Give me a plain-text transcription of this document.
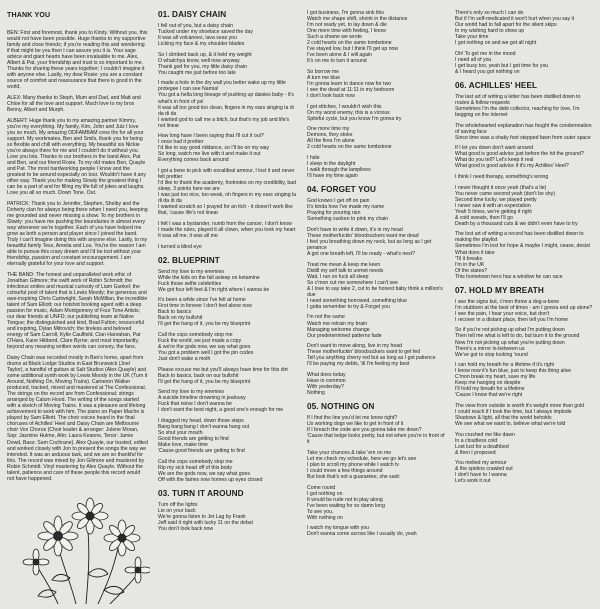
THANK YOU

BEN: First and foremost, thank you to Kirsty. Without you, this would not have been possible. Huge thanks to my supportive family and close friends; if you're reading this and wondering if that might be you then I can assure you it is. Your sage advice and giant hearts have been invaluable to me. Alex, Albert & Pat, your friendship and trust is so important to me. Thanks for sharing these years together; I couldn't imagine it with anyone else. Lastly, my dear Rosie: you are a constant source of comfort and reassurance that there is good in the world.

ALEX: Many thanks to Steph, Mum and Dad, and Matt and Chloe for all the love and support. Much love to my bros Benny, Albert and Murph.

ALBERT: Huge thank you to my amazing partner Kimmy, you're my everything. My family, Kim, John and Julz I love you so much. My amazing ODFAMBAM crew thx for all your support. My workmates, Ben and Smils, thank you for being so flexible and chill with everything. My beautiful sis Nickie you're always there for me and I couldn't do it without you. Love you lots. Thanks to our brothers in the band Alex, Pat and Ben, and our friend Rosie. To my old mates Ben, Quayle and Pat. The most hardworking people I know and the greatest to be around especially on tour. Wouldn't have it any other way. Thank you for making Slowly the greatest thing I can be a part of and for filling my life full of jokes and laughs. Love you all so much. Down Tone. Out.

PATRICK: Thank you to Jennifer, Stephen, Shelby and the Doherty clan for always being there when I need you, keeping me grounded and never missing a show. To my brothers in Slowly: you have me pushing the boundaries in almost every way whenever we're together. Each of you have helped me grow as both a person and player since I joined the band. Truly I can't imagine doing this with anyone else. Lastly, to my beautiful family Tess, Amelia and Lou. You're the reason I am able to pursue this crazy dream and I'd be lost without your friendship, passion and constant encouragement. I am eternally grateful for your love and support.

THE BAND: The honest and unparalleled work ethic of Jonathan Gilmore; the swift work of Robin Schmidt; the infectious smiles and musical curiosity of Liam Gunkel; the colourful pool of talent that is Lewis Moody; the generous and awe-inspiring Chris Cartwright, Sarah McMillan, the incredible talent of Sam Elliott; our hotshot booking agent with a deep passion for music, Adam Montgomery of Four Tone Artists; our dear friends at UNFD; our publishing team at Native Tongue; the distinguished and kind, Brad Fulton; resourceful and inspiring, Dylan Mitrovich; the tireless and beloved energy of Sam Carroll, Kylie Caulfield, Cian Hanrahan, Pat O'Hara, Kane Hibberd, Clare Byrne; and most importantly, beyond any meaning written words can convey, the fans.

Daisy Chain was recorded mostly in Ben's home, apart from drums at Black Lodge Studios in East Brunswick (Joel Taylor), a handful of guitars at Salt Studios (Alex Quayle) and some additional synth work by Lewis Moody in the UK (Turn it Around, Nothing On, Moving Trains). Cameron Walker produced, tracked, mixed and mastered at The Confessional. The strings on the record are from Confessional; strings arranged by Calum Hood. The writing of the songs started with a sketch of Moving Trains. It was a pleasure and lifelong achievement to work with him. The piano on Paper Mache is played by Sam Elliott. The choir voices heard in the final choruses of Achilles' Heel and Daisy Chain are Melbourne choir Vox Chorus (Choir leader & arranger: Julene Moran, Sop: Jasmine Hulme, Alto: Laura Keanne, Tenor: Jamie Dowd, Bass: Sam Cochrane). Alex Quayle, our trusted, edited and worked closely with Jon to present the songs the way we intended. It was an arduous task, and we are so thankful for this. The record was mixed by Jon Gilmore and mastered by Robin Schmidt. Vinyl mastering by Alex Quayle. Without the talent, patience and care of these people this record would not have happened.

01. DAISY CHAIN

I fell out of you, but a daisy chain
Tucked under my shoelace saved the day
It was all volcanoes, lava seas you
Licking my face & my shoulder blades

So I climbed back up, & it held my weight
O whatchya know, well now anyway
Thank god for you, my little daisy chain
You caught me just before too late

I made a hole in the dry wall you better wake up my little protegee I can see Narnia!
You got a hella long lineage of pushing up daisies baby - it's what's in front of ya!
It was all too good too clean, fingers in my ears singing la di da di da
I wanted god to call me a bitch, but that's my job and life's not linear

How long have I been saying that I'll cut it out?
I once had it prettier
I'd like to say good riddance, so I'll be on my way
So long, watch me live with it and make it out
Everything comes back around

I got a bone to pick with excalibral armour, I lost it and never felt prettier
I'd like to thank the academy, footnotes on my credibility, bad sleep, 3 points here we are
I was just too nice, too weak, oh fingers in my ears singing la di da di da
I wanted scratch so I prayed for an itch - it doesn't work like that, 'cause life's not linear

I felt I was a bystander, numb from the cancer, I don't know
I made the rules, played it all clown, when you took my heart
It was all me, it was all me

I turned a blind eye

02. BLUEPRINT

Send my love to my enemies
While the kids on the fall asleep on ketamine
Fuck those selfie celebrities
We got four left feet & I'm right where I wanna be

It's been a while since I've felt at home
First time in forever I don't feel alone now
Back to basics
Back on my bullshit
I'll get the hang of it, you be my blueprint

Call the cops somebody stop me
Fuck the world, we just made a copy
& we're the gods now, we say what goes
You got a problem well I got the pin codes
Just don't wake a moth

Please excuse me but you'll always have time for this dirt
Back to basics, back on our bullshit
I'll get the hang of it, you be my blueprint

Send my love to my enemies
A suicide timeline drowning in jealousy
Fuck that noise I don't wanna be
I don't want the best night, a good one's enough for me

I dragged my head, down those steps
Bang bang bang I don't wanna hang out
So shut your mouth
Good friends are getting to find
Make love, make time
'Cause good friends are getting to find

Call the cops somebody stop me
Rip my sick head off of this body
We are the gods now, we say what goes
Off with the fairies now homes up eyes closed

03. TURN IT AROUND

Turn off the lights
Lie on your back
We're gonna listen to Jet Lag by Frank
Jeff said it right with lucky 11 on the debut
You don't look back now

I got business, I'm gonna sink this
Watch me shape shift, shrink in the distance
I'm not ready yet, to lay down & die
One more time with feeling, I know
Such a shame we wrote
2 cold hearts on the same tombstone
I've stayed low, but I think I'll get up now
I've been alone & I will again
It's on me to turn it around

So borrow me
A turn me blue
I'm gonna learn to dance now for two
I see the dead at 11:11 in my bedroom
I don't look back now

I got stitches, I wouldn't wish this
On my worst enemy, this is a vicious
Spiteful cycle, but you know I'm gonna try

One more time my
Demons, they stoke
All the fires I'm alone
2 cold hearts on the same tombstone

I hide
I sleep in the daylight
I walk through the lamplines
I'll have my time again

04. FORGET YOU

God knows I get off on pain
It's kinda how I've made my name
Praying for pouring rain
Something sunken to pink my chain

Don't have to write it down, it's in my head
These motherfuckin' bloodsuckers want me dead
I feel you breathing down my neck, but as long as I get penance
A got one breath left, I'll be ready - what's next?

Treat me mean & keep me keen
Distill my self talk to unmet needs
Wait, I run on fuck all sleep
So c'mon cut me somewhere I can't see
& I love to say take 2, cut to be honest baby think a million's due
I need something borrowed, something blue
I gotta remember to try & Forget you

I'm not the same
Watch me retrain my brain
Managing welcome change
Our predetermined patterns fade

Don't want to move along, live in my head
These motherfuckin' bloodsuckers want to get fed
Tell you anything cherry red but as long as I got patience
I'll be paying my debts, 'til I'm feeling my best

What does today
Have in common
With yesterday?
Nothing

05. NOTHING ON

If I find the line you'd let me know right?
Us working dogs we like to get in front of it
If I breach the code are you gonna take me down?
'Cause that ledge looks pretty, but not when you're in front of it

Take your chances & take 'em on me
Let me check my schedule, here we go let's see
I plan to scroll my phone while I watch tv
I could move a few things around
But look that's not a guarantee, she said:

Come round
I got nothing on
It would be rude not to play along
I've been waiting for so damn long
To see you,
With nothing on

I watch my tongue with you
Don't wanna come across like I usually do, yeah

There's only so much I can do
But if I'm self-medicated it won't hurt when you say it
Our world had to fall apart for the silent skips
In my wishing hard to show up
Take your time
I got nothing on and we got all night

Oh! To get me in the mood
I need all of you
I get busy too, yeah but I got time for you
& I heard you got nothing on

06. ACHILLES' HEEL

The last art of writing a letter has been distilled down to routes & follow requests
Sometimes I'm the debt collector, reaching for love, I'm begging on the internet

The wholehearted explanation has fought the condemnation of saving face
Since time was a shaky foot stepped fawn from outer space

If I let you down don't want around
What good is good advice just before the hit the ground?
What do you tell? Let's keep it real
What good is good advice if it's my Achilles' Heel?

I think I need therapy, something's wrong

I never thought it once yeah (that's a lie)
You never came second yeah (don't be shy)
Second time lucky, we played pretty
I never saw it with an expectation
Yeah 5 times, we're getting it right
& cold sweats, then I'll go
Death by a thousand cuts & we didn't even have to try

The lost art of writing a record has been distilled down to making the playlist
Sometimes I'm lost for hope & maybe I might, cease, desist
What does it take
'Til it breaks
I'm in the UK
Of the states?
This hometown hero has a window he can race

07. HOLD MY BREATH

I see the signs but, c'mon throw a dog-a-bone
I'm stubborn at the best of times - am I gonna end up alone?
I see the pain, I hear your voice, but don't
I recover in a distant place, then tell you I'm home

So if you're not picking up what I'm putting down
Then tell me what is left to do, but burn it to the ground
Now I'm not picking up what you're putting down
There's a mirror in-between us
We've got to stop looking 'round

I can hold my breath for a lifetime if it's right
I know now it's fun blue, just to keep this thing alive
C'mon break my heart, save my life
Keep me hanging on despite
I'll hold my breath for a lifetime
'Cause I know that we're right

The view from outside is worth it's weight more than gold
I could reach if I took the time, but I always implode
Shadows & light, all that the world beholds
We see what we want to, believe what we're told

You crushed me like dawn
In a cloudless cold
Lost lust for a deathbed
& then I proposed

You melted my armour
& the spiders crawled out
I don't have to I wanna
Let's work it out
